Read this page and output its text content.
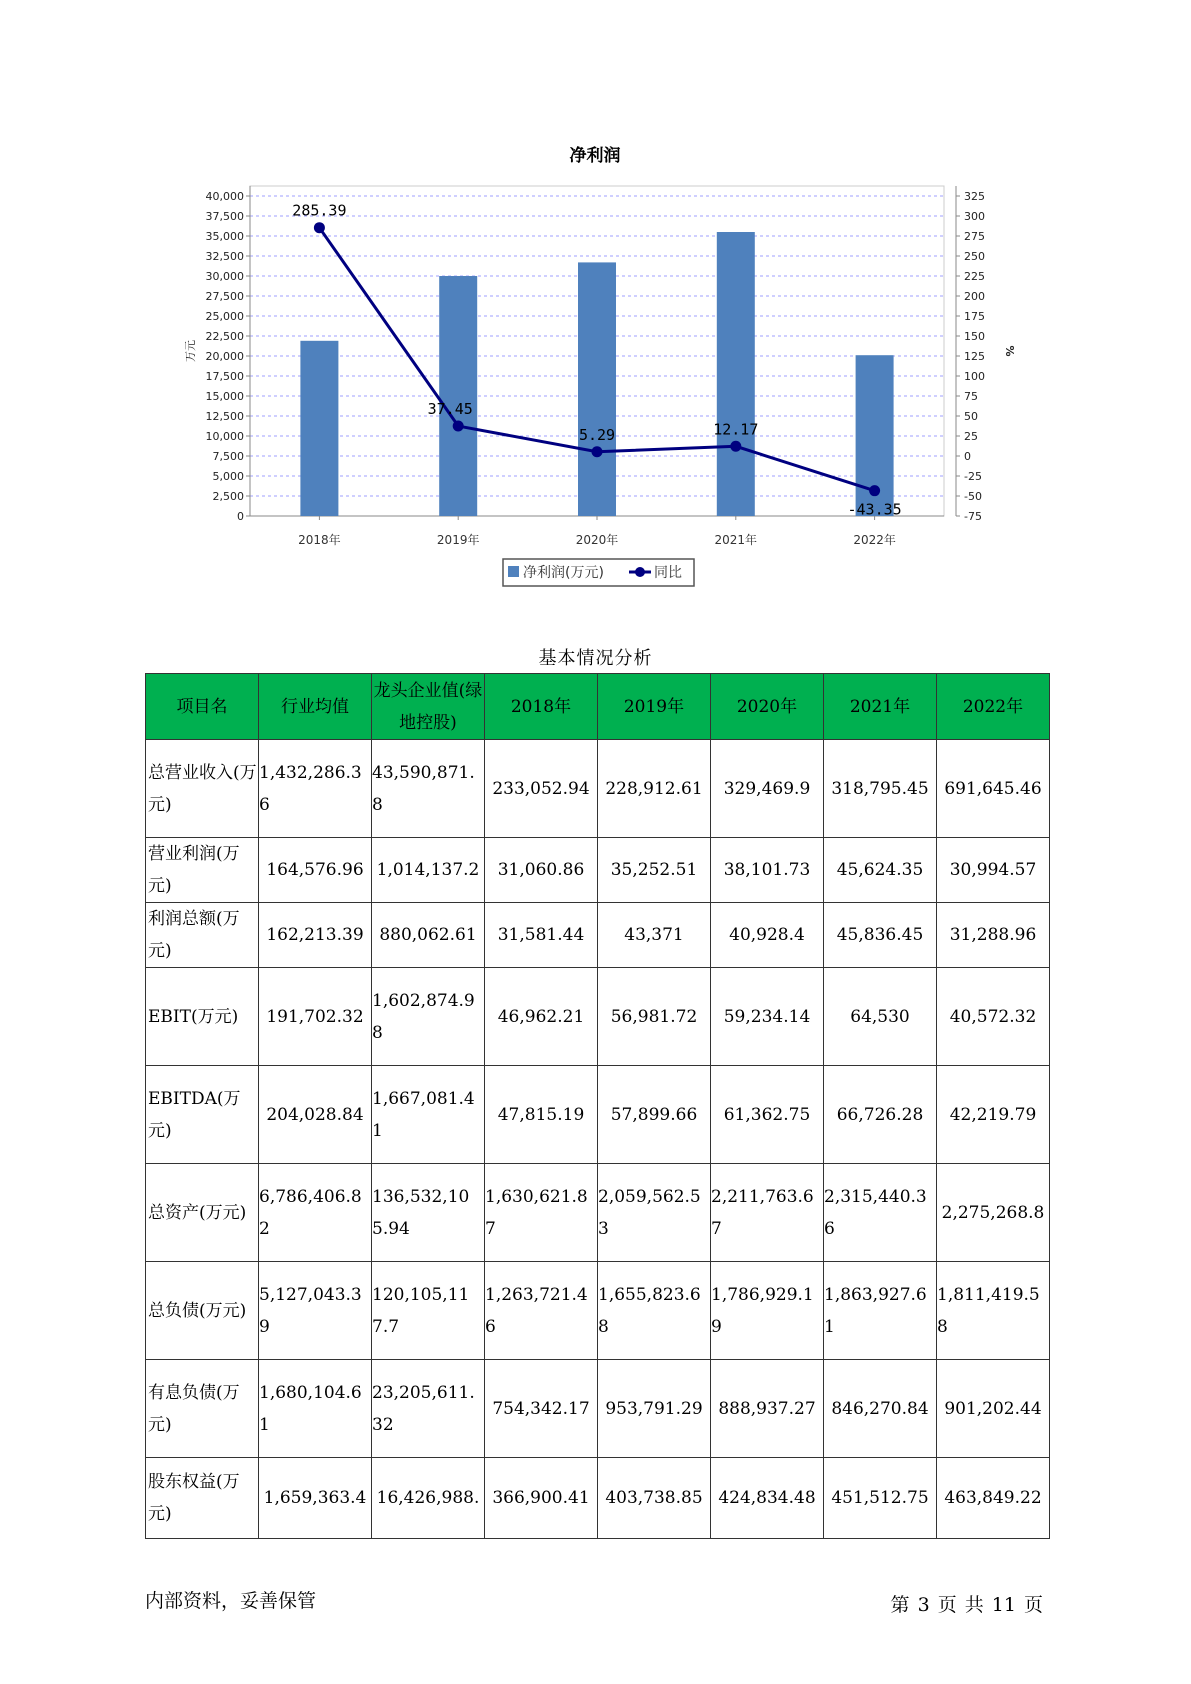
净利润
0
2,500
5,000
7,500
10,000
12,500
15,000
17,500
20,000
22,500
25,000
27,500
30,000
32,500
35,000
37,500
40,000
-75
-50
-25
0
25
50
75
100
125
150
175
200
225
250
275
300
325
万元	%
2018年	2019年	2020年	2021年	2022年
285.39
37.45
5.29	12.17
-43.35
净利润(万元)	同比
基本情况分析
项目名	行业均值	龙头企业值(绿地控股)	2018年	2019年	2020年	2021年	2022年
总营业收入(万元)	1,432,286.36	43,590,871.8	233,052.94	228,912.61	329,469.9	318,795.45	691,645.46
营业利润(万元)	164,576.96	1,014,137.2	31,060.86	35,252.51	38,101.73	45,624.35	30,994.57
利润总额(万元)	162,213.39	880,062.61	31,581.44	43,371	40,928.4	45,836.45	31,288.96
EBIT(万元)	191,702.32	1,602,874.98	46,962.21	56,981.72	59,234.14	64,530	40,572.32
EBITDA(万元)	204,028.84	1,667,081.41	47,815.19	57,899.66	61,362.75	66,726.28	42,219.79
总资产(万元)	6,786,406.82	136,532,105.94	1,630,621.87	2,059,562.53	2,211,763.67	2,315,440.36	2,275,268.8
总负债(万元)	5,127,043.39	120,105,117.7	1,263,721.46	1,655,823.68	1,786,929.19	1,863,927.61	1,811,419.58
有息负债(万元)	1,680,104.61	23,205,611.32	754,342.17	953,791.29	888,937.27	846,270.84	901,202.44
股东权益(万元)	1,659,363.4	16,426,988.	366,900.41	403,738.85	424,834.48	451,512.75	463,849.22
内部资料，妥善保管	第 3 页 共 11 页
